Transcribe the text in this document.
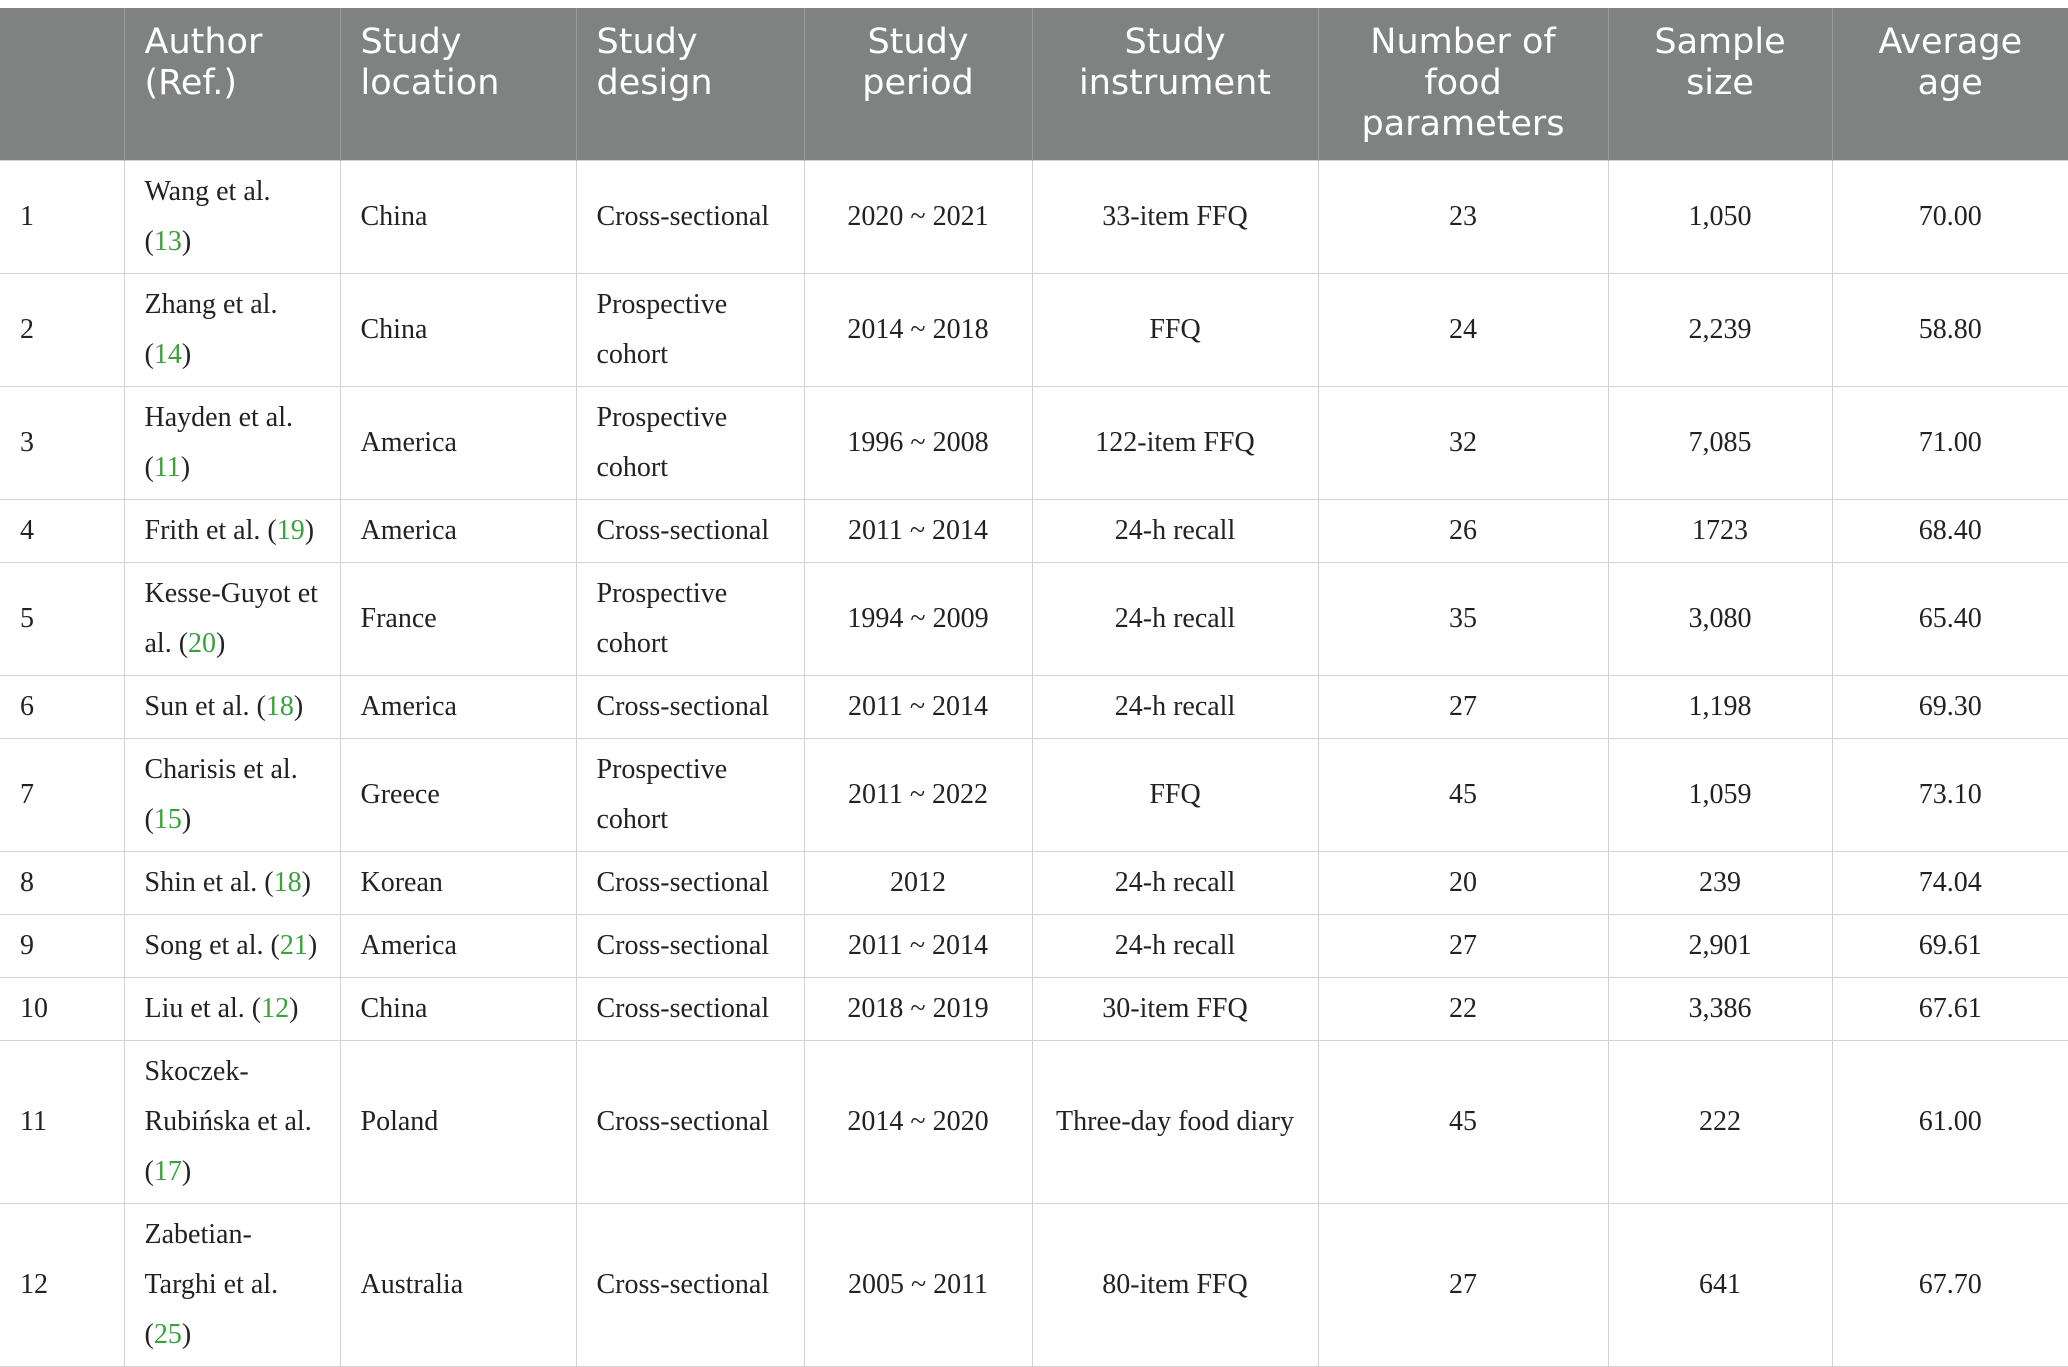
	Author (Ref.)	Study location	Study design	Study period	Study instrument	Number of food parameters	Sample size	Average age
1	Wang et al. (13)	China	Cross-sectional	2020 ~ 2021	33-item FFQ	23	1,050	70.00
2	Zhang et al. (14)	China	Prospective cohort	2014 ~ 2018	FFQ	24	2,239	58.80
3	Hayden et al. (11)	America	Prospective cohort	1996 ~ 2008	122-item FFQ	32	7,085	71.00
4	Frith et al. (19)	America	Cross-sectional	2011 ~ 2014	24-h recall	26	1723	68.40
5	Kesse-Guyot et al. (20)	France	Prospective cohort	1994 ~ 2009	24-h recall	35	3,080	65.40
6	Sun et al. (18)	America	Cross-sectional	2011 ~ 2014	24-h recall	27	1,198	69.30
7	Charisis et al. (15)	Greece	Prospective cohort	2011 ~ 2022	FFQ	45	1,059	73.10
8	Shin et al. (18)	Korean	Cross-sectional	2012	24-h recall	20	239	74.04
9	Song et al. (21)	America	Cross-sectional	2011 ~ 2014	24-h recall	27	2,901	69.61
10	Liu et al. (12)	China	Cross-sectional	2018 ~ 2019	30-item FFQ	22	3,386	67.61
11	Skoczek-Rubińska et al. (17)	Poland	Cross-sectional	2014 ~ 2020	Three-day food diary	45	222	61.00
12	Zabetian-Targhi et al. (25)	Australia	Cross-sectional	2005 ~ 2011	80-item FFQ	27	641	67.70
